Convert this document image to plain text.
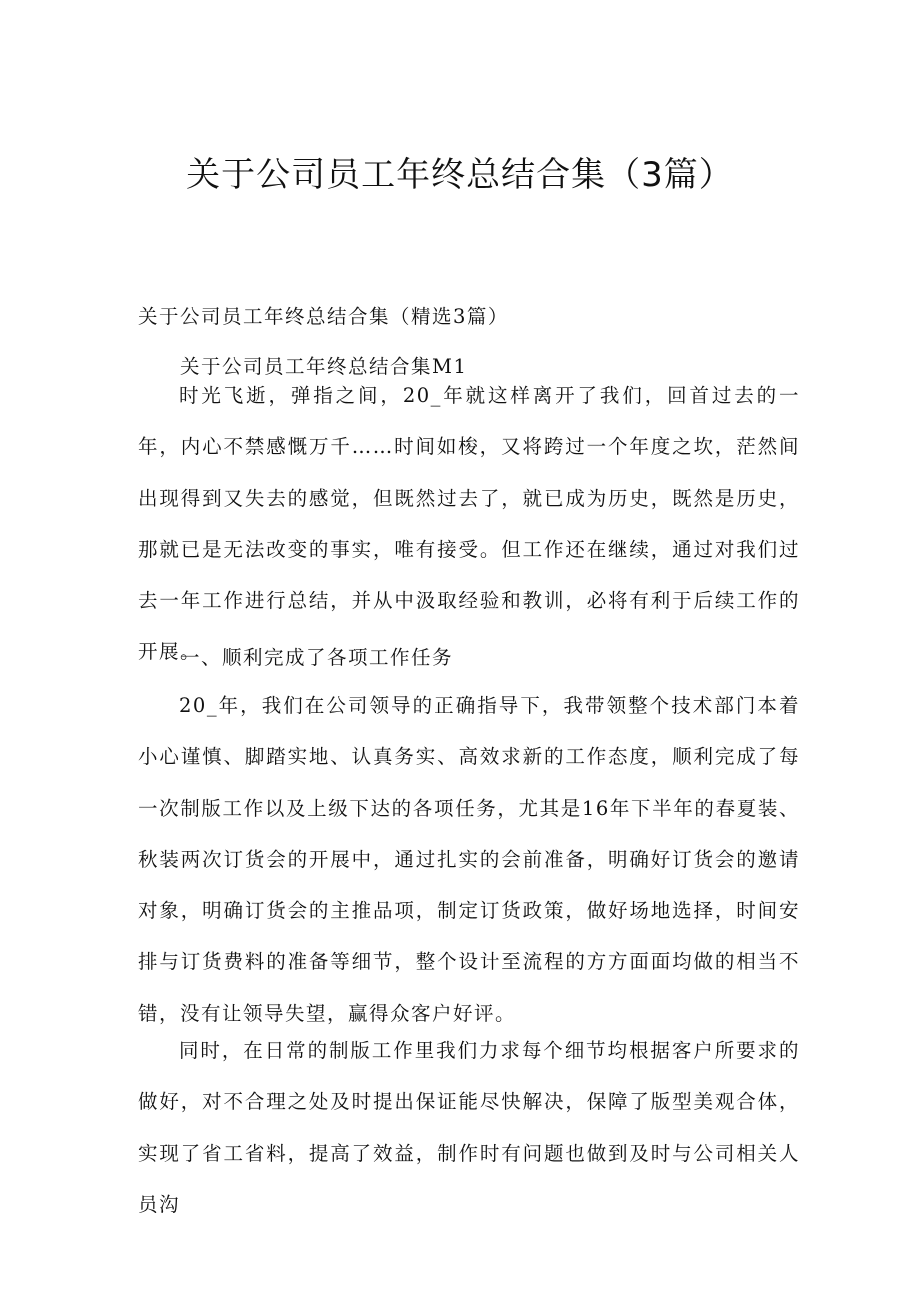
关于公司员工年终总结合集（3篇）

关于公司员工年终总结合集（精选3篇）

关于公司员工年终总结合集M1

时光飞逝，弹指之间，20_年就这样离开了我们，回首过去的一年，内心不禁感慨万千……时间如梭，又将跨过一个年度之坎，茫然间出现得到又失去的感觉，但既然过去了，就已成为历史，既然是历史，那就已是无法改变的事实，唯有接受。但工作还在继续，通过对我们过去一年工作进行总结，并从中汲取经验和教训，必将有利于后续工作的开展。

一、顺利完成了各项工作任务

20_年，我们在公司领导的正确指导下，我带领整个技术部门本着小心谨慎、脚踏实地、认真务实、高效求新的工作态度，顺利完成了每一次制版工作以及上级下达的各项任务，尤其是16年下半年的春夏装、秋装两次订货会的开展中，通过扎实的会前准备，明确好订货会的邀请对象，明确订货会的主推品项，制定订货政策，做好场地选择，时间安排与订货费料的准备等细节，整个设计至流程的方方面面均做的相当不错，没有让领导失望，赢得众客户好评。

同时，在日常的制版工作里我们力求每个细节均根据客户所要求的做好，对不合理之处及时提出保证能尽快解决，保障了版型美观合体，实现了省工省料，提高了效益，制作时有问题也做到及时与公司相关人员沟
